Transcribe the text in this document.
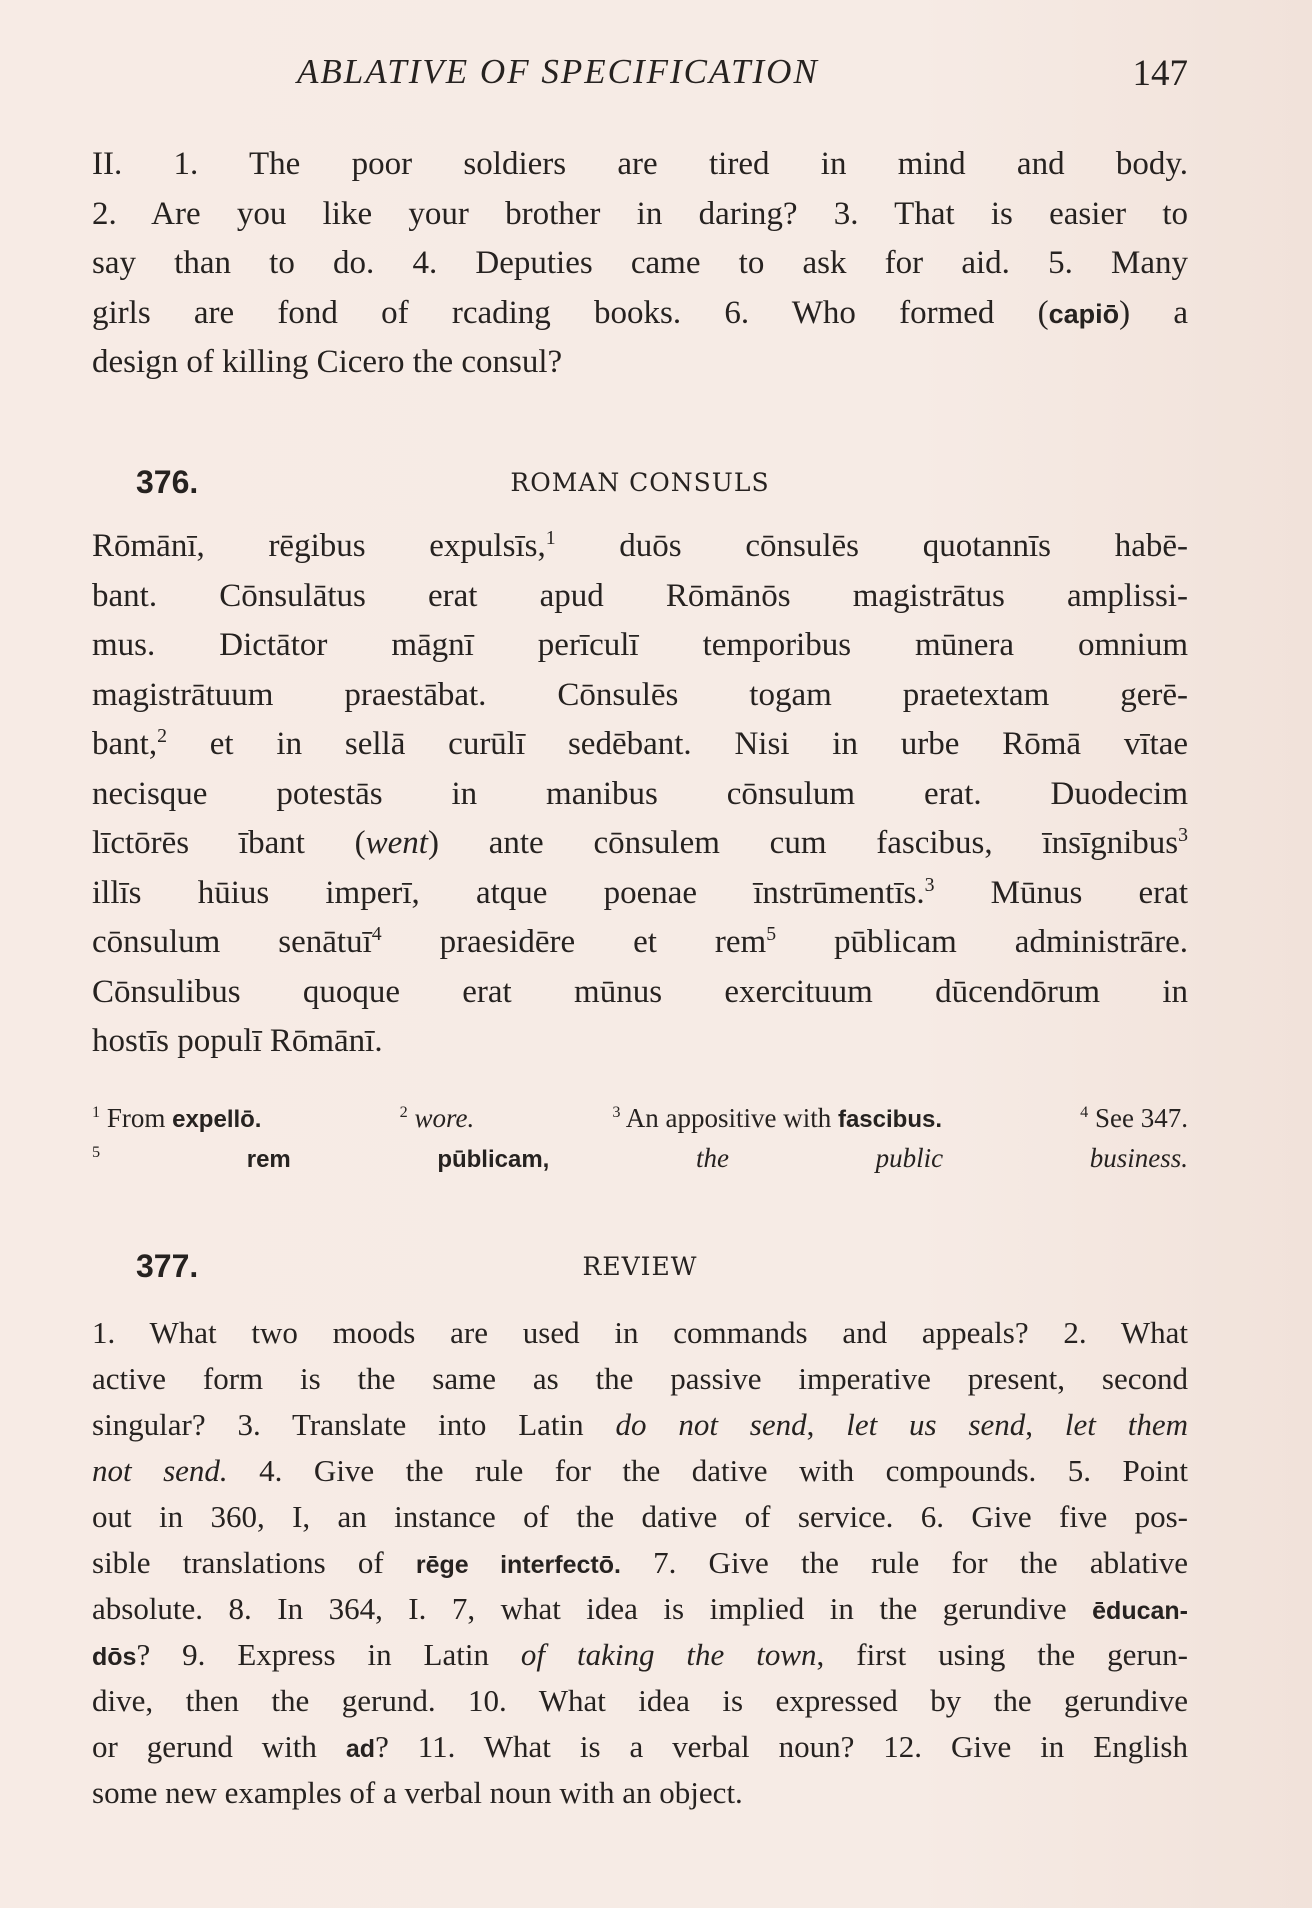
ABLATIVE OF SPECIFICATION	147
II. 1. The poor soldiers are tired in mind and body.
2. Are you like your brother in daring? 3. That is easier to
say than to do. 4. Deputies came to ask for aid. 5. Many
girls are fond of rcading books. 6. Who formed (capiō) a
design of killing Cicero the consul?
376.	ROMAN CONSULS
Rōmānī, rēgibus expulsīs,$^1$ duōs cōnsulēs quotannīs habē-
bant. Cōnsulātus erat apud Rōmānōs magistrātus amplissi-
mus. Dictātor māgnī perīculī temporibus mūnera omnium
magistrātuum praestābat. Cōnsulēs togam praetextam gerē-
bant,$^2$ et in sellā curūlī sedēbant. Nisi in urbe Rōmā vītae
necisque potestās in manibus cōnsulum erat. Duodecim
līctōrēs ībant (went) ante cōnsulem cum fascibus, īnsīgnibus$^3$
illīs hūius imperī, atque poenae īnstrūmentīs.$^3$ Mūnus erat
cōnsulum senātuī$^4$ praesidēre et rem$^5$ pūblicam administrāre.
Cōnsulibus quoque erat mūnus exercituum dūcendōrum in
hostīs populī Rōmānī.
$^1$ From expellō.	$^2$ wore.	$^3$ An appositive with fascibus.	$^4$ See 347.
$^5$	rem pūblicam,	the public business.
377.	REVIEW
1. What two moods are used in commands and appeals? 2. What
active form is the same as the passive imperative present, second
singular? 3. Translate into Latin do not send, let us send, let them
not send. 4. Give the rule for the dative with compounds. 5. Point
out in 360, I, an instance of the dative of service. 6. Give five pos-
sible translations of rēge interfectō. 7. Give the rule for the ablative
absolute. 8. In 364, I. 7, what idea is implied in the gerundive ēducan-
dōs? 9. Express in Latin of taking the town, first using the gerun-
dive, then the gerund. 10. What idea is expressed by the gerundive
or gerund with ad? 11. What is a verbal noun? 12. Give in English
some new examples of a verbal noun with an object.
